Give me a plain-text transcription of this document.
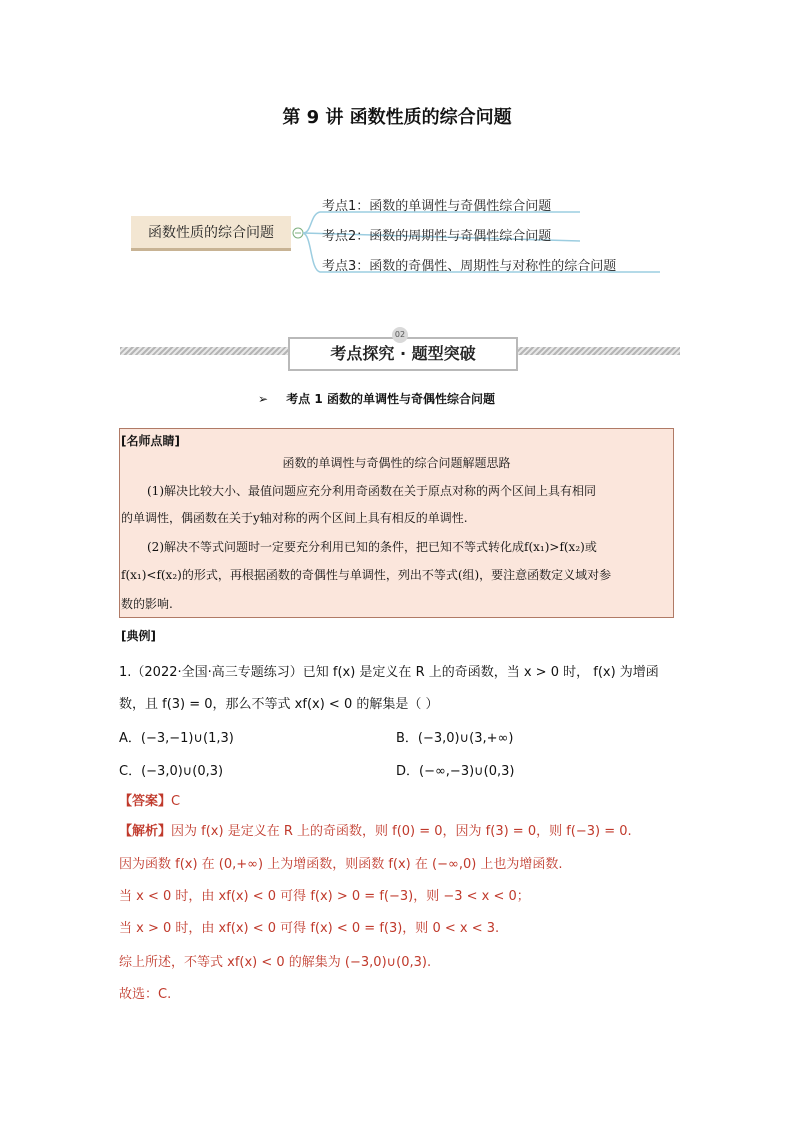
第 9 讲 函数性质的综合问题
函数性质的综合问题
考点1：函数的单调性与奇偶性综合问题
考点2：函数的周期性与奇偶性综合问题
考点3：函数的奇偶性、周期性与对称性的综合问题
考点探究 · 题型突破
02
➢ 考点 1 函数的单调性与奇偶性综合问题
[名师点睛]
函数的单调性与奇偶性的综合问题解题思路
(1)解决比较大小、最值问题应充分利用奇函数在关于原点对称的两个区间上具有相同
的单调性，偶函数在关于y轴对称的两个区间上具有相反的单调性.
(2)解决不等式问题时一定要充分利用已知的条件，把已知不等式转化成f(x₁)>f(x₂)或
f(x₁)<f(x₂)的形式，再根据函数的奇偶性与单调性，列出不等式(组)，要注意函数定义域对参
数的影响.
[典例]
1.（2022·全国·高三专题练习）已知 f(x) 是定义在 R 上的奇函数，当 x > 0 时， f(x) 为增函
数，且 f(3) = 0，那么不等式 xf(x) < 0 的解集是（ ）
A．(−3,−1)∪(1,3)	B．(−3,0)∪(3,+∞)
C．(−3,0)∪(0,3)	D．(−∞,−3)∪(0,3)
【答案】C
【解析】因为 f(x) 是定义在 R 上的奇函数，则 f(0) = 0，因为 f(3) = 0，则 f(−3) = 0.
因为函数 f(x) 在 (0,+∞) 上为增函数，则函数 f(x) 在 (−∞,0) 上也为增函数.
当 x < 0 时，由 xf(x) < 0 可得 f(x) > 0 = f(−3)，则 −3 < x < 0；
当 x > 0 时，由 xf(x) < 0 可得 f(x) < 0 = f(3)，则 0 < x < 3.
综上所述，不等式 xf(x) < 0 的解集为 (−3,0)∪(0,3).
故选：C.
